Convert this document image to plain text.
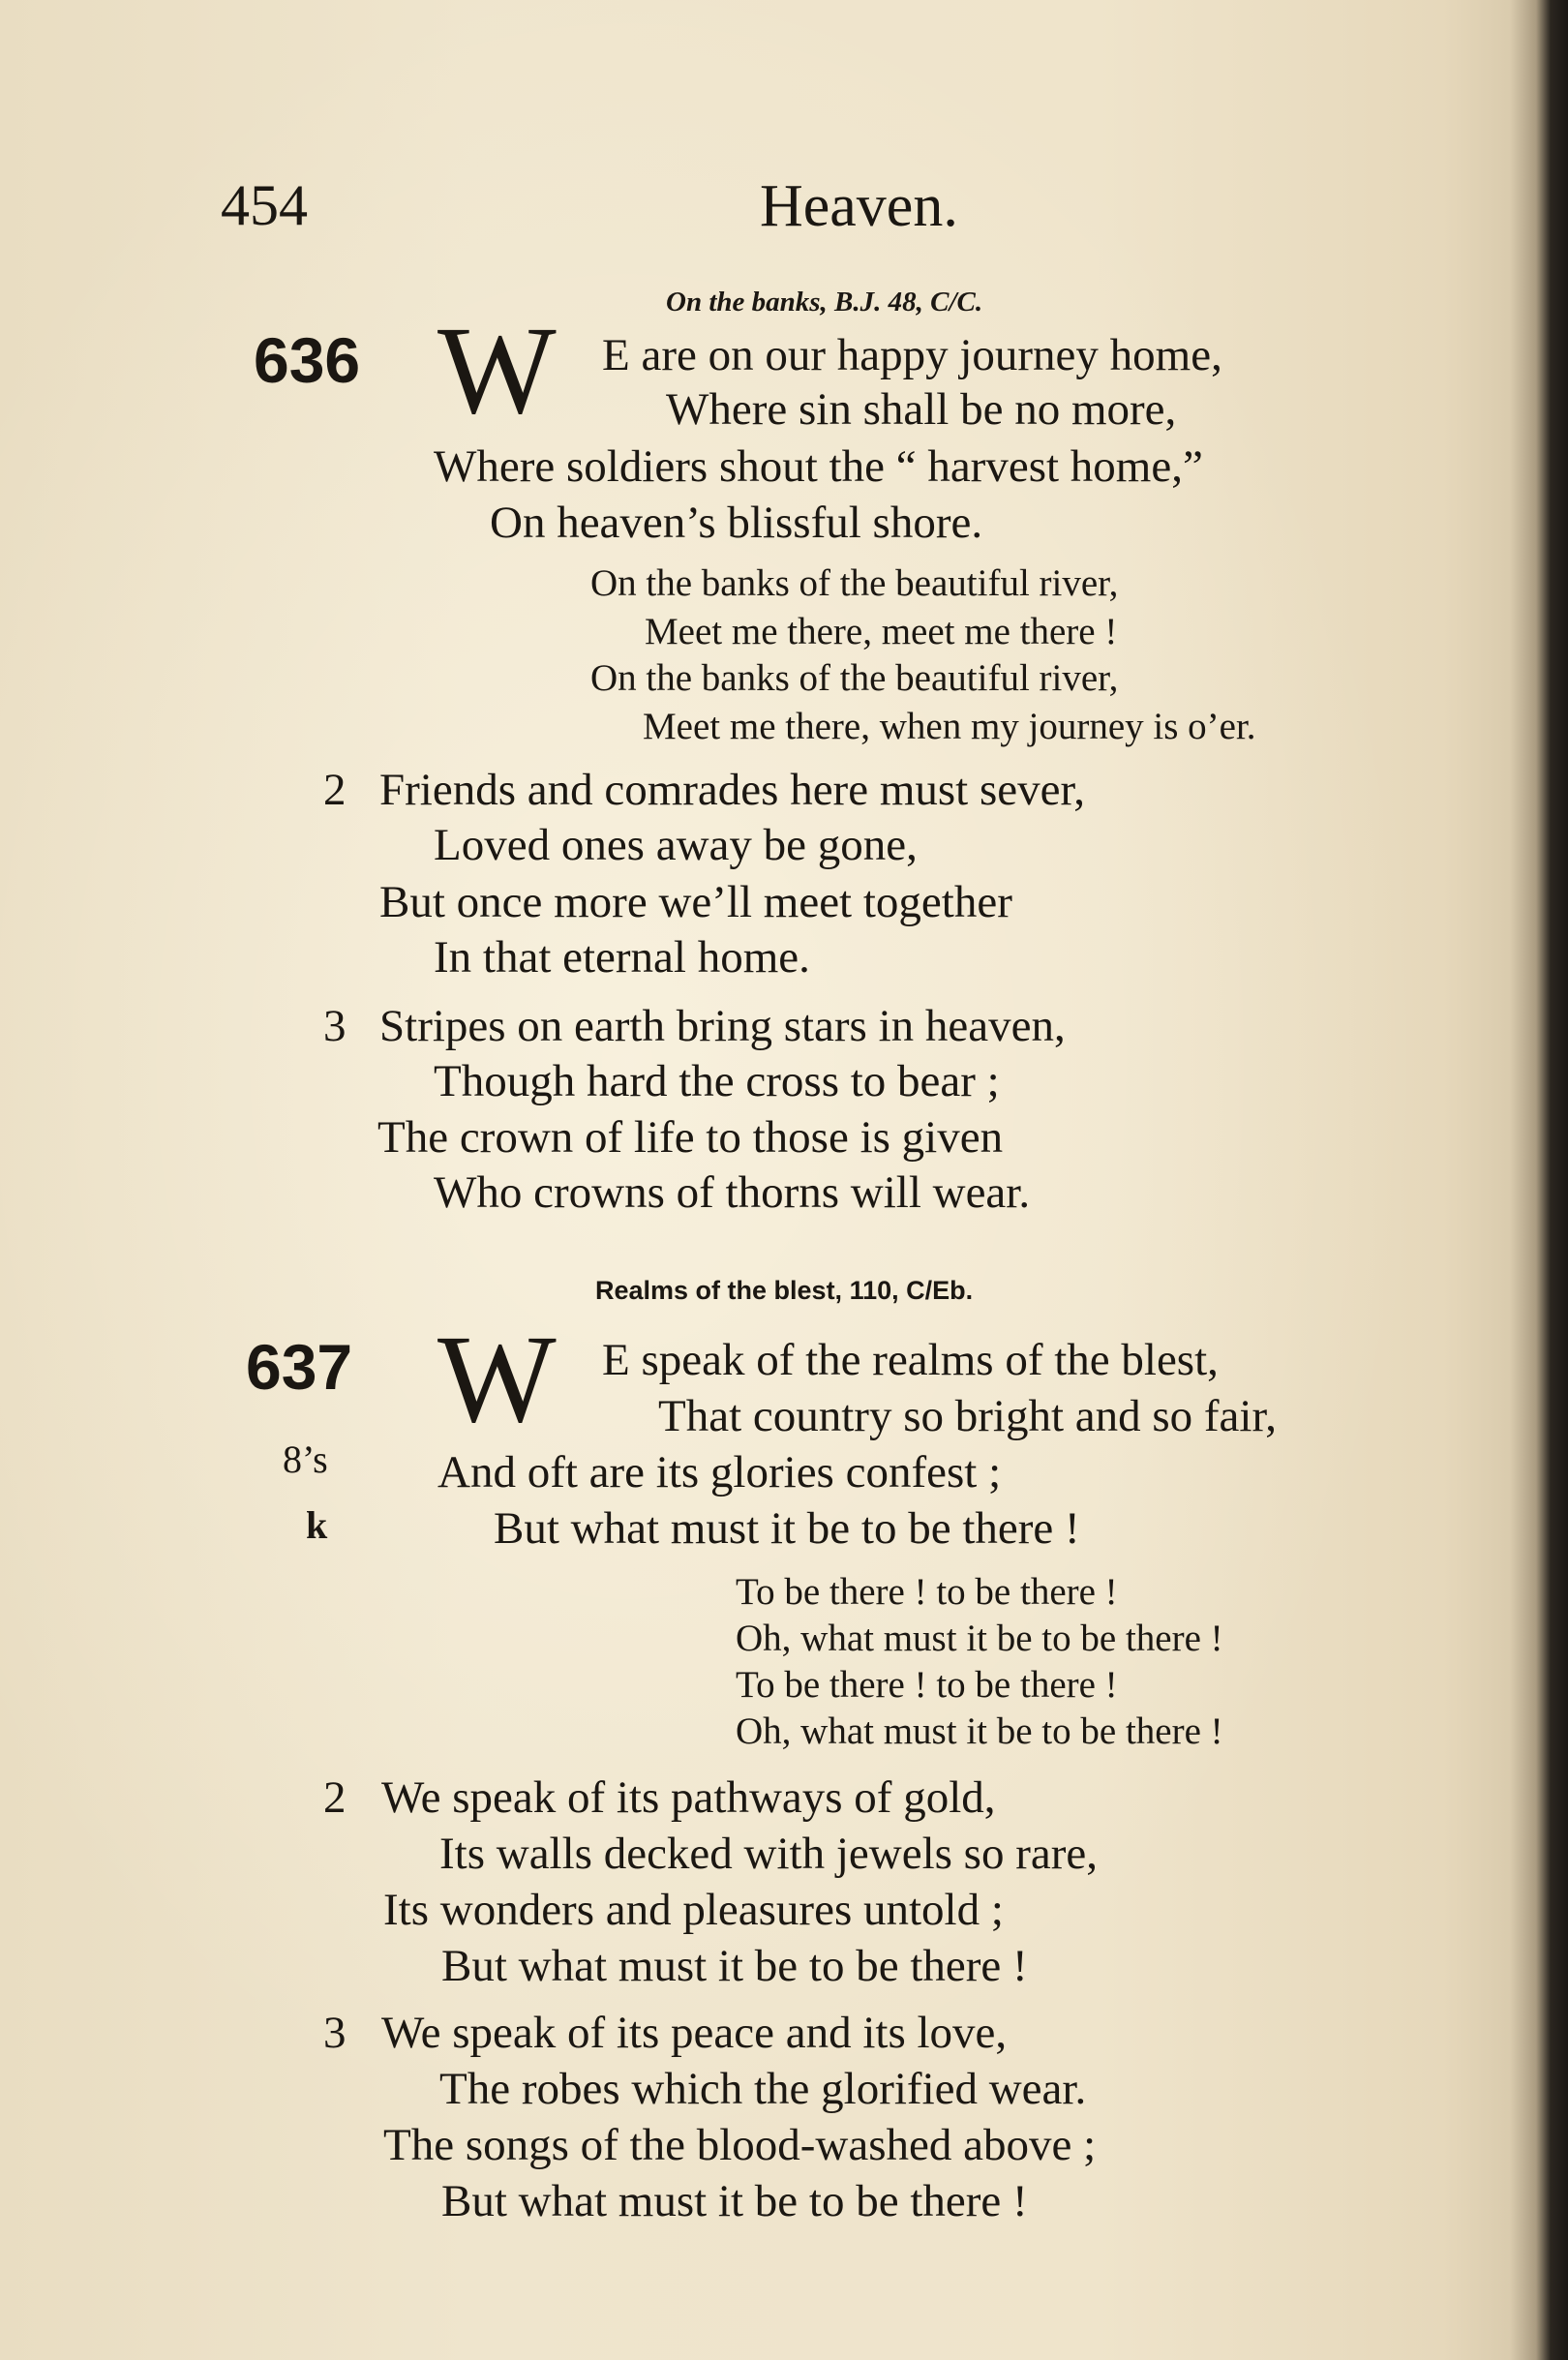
454	Heaven.
On the banks, B.J. 48, C/C.
636 W E are on our happy journey home,
Where sin shall be no more,
Where soldiers shout the “ harvest home,”
On heaven’s blissful shore.
On the banks of the beautiful river,
Meet me there, meet me there !
On the banks of the beautiful river,
Meet me there, when my journey is o’er.
2 Friends and comrades here must sever,
Loved ones away be gone,
But once more we’ll meet together
In that eternal home.
3 Stripes on earth bring stars in heaven,
Though hard the cross to bear ;
The crown of life to those is given
Who crowns of thorns will wear.
Realms of the blest, 110, C/Eb.
637 W
8’s
k
E speak of the realms of the blest,
That country so bright and so fair,
And oft are its glories confest ;
But what must it be to be there !
To be there ! to be there !
Oh, what must it be to be there !
To be there ! to be there !
Oh, what must it be to be there !
2 We speak of its pathways of gold,
Its walls decked with jewels so rare,
Its wonders and pleasures untold ;
But what must it be to be there !
3 We speak of its peace and its love,
The robes which the glorified wear.
The songs of the blood-washed above ;
But what must it be to be there !
